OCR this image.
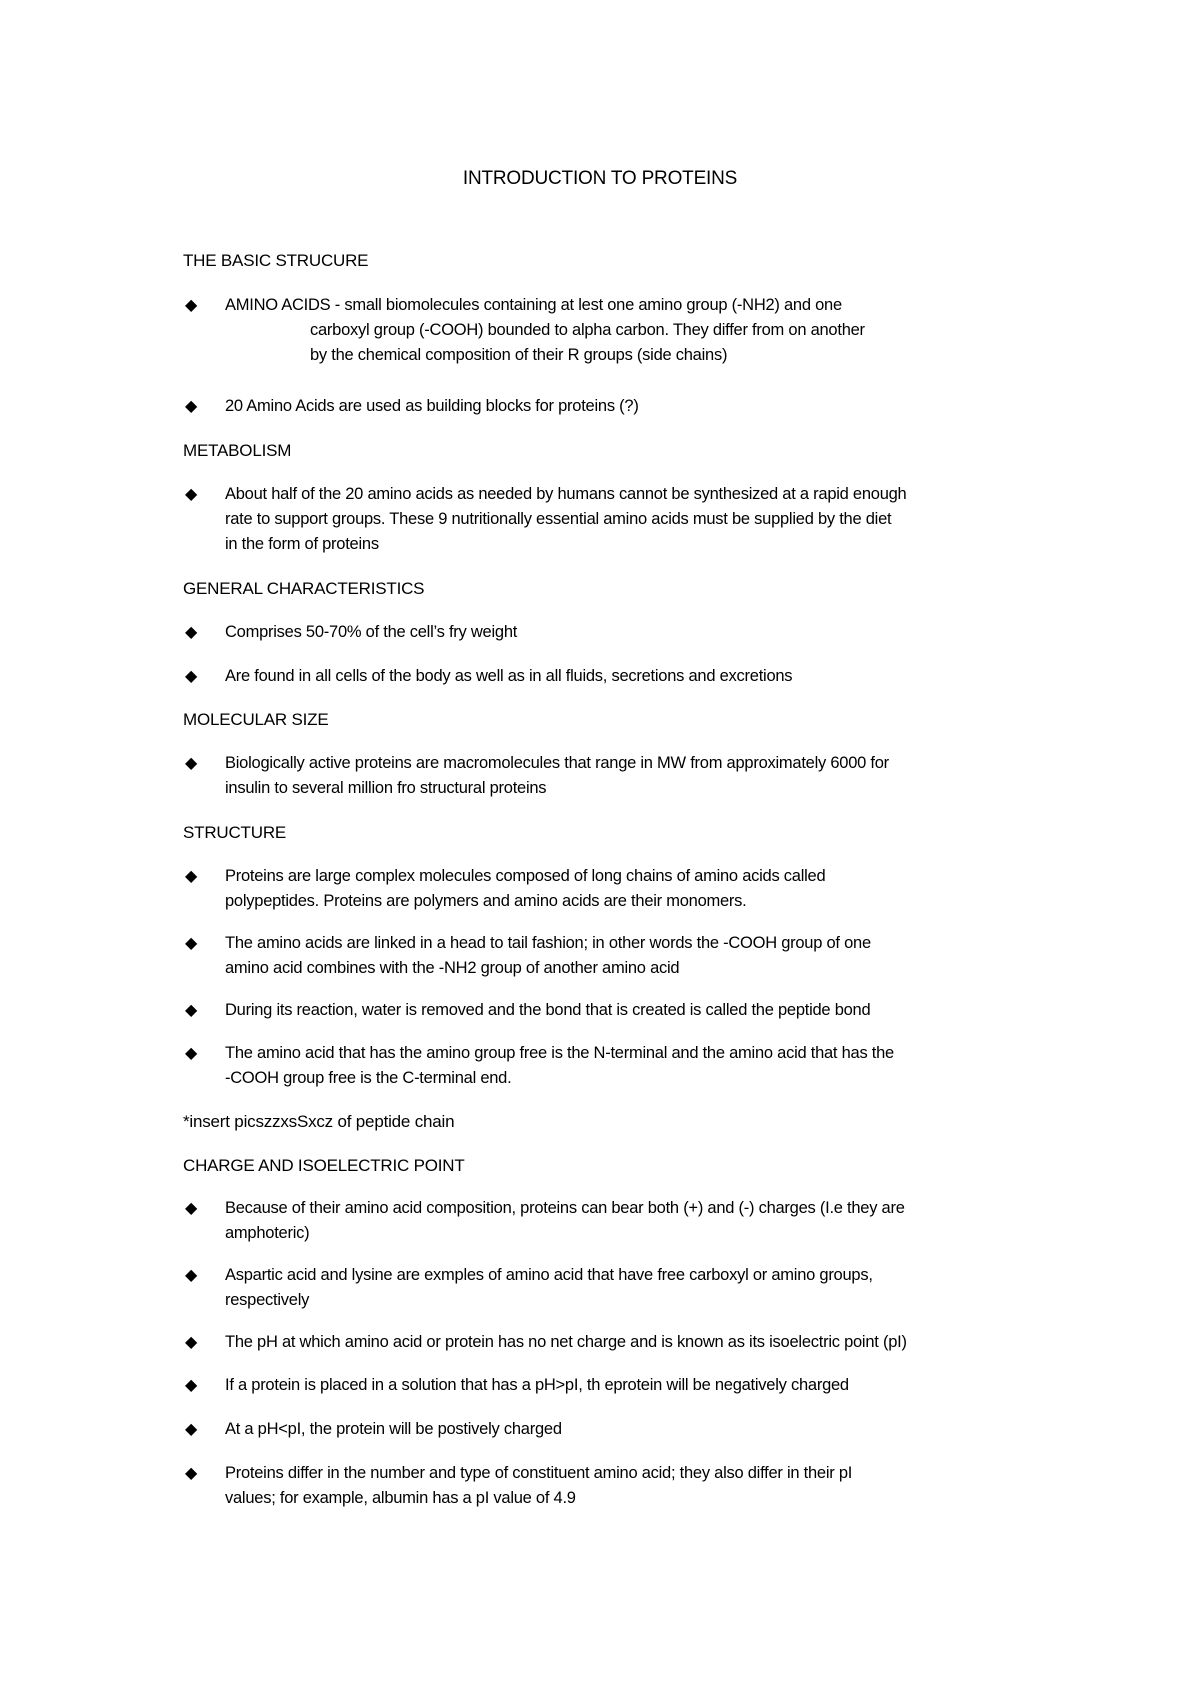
INTRODUCTION TO PROTEINS
THE BASIC STRUCURE
◆	AMINO ACIDS - small biomolecules containing at lest one amino group (-NH2) and one
carboxyl group (-COOH) bounded to alpha carbon. They differ from on another
by the chemical composition of their R groups (side chains)
◆	20 Amino Acids are used as building blocks for proteins (?)
METABOLISM
◆	About half of the 20 amino acids as needed by humans cannot be synthesized at a rapid enough
rate to support groups. These 9 nutritionally essential amino acids must be supplied by the diet
in the form of proteins
GENERAL CHARACTERISTICS
◆	Comprises 50-70% of the cell’s fry weight
◆	Are found in all cells of the body as well as in all fluids, secretions and excretions
MOLECULAR SIZE
◆	Biologically active proteins are macromolecules that range in MW from approximately 6000 for
insulin to several million fro structural proteins
STRUCTURE
◆	Proteins are large complex molecules composed of long chains of amino acids called
polypeptides. Proteins are polymers and amino acids are their monomers.
◆	The amino acids are linked in a head to tail fashion; in other words the -COOH group of one
amino acid combines with the -NH2 group of another amino acid
◆	During its reaction, water is removed and the bond that is created is called the peptide bond
◆	The amino acid that has the amino group free is the N-terminal and the amino acid that has the
-COOH group free is the C-terminal end.
*insert picszzxsSxcz of peptide chain
CHARGE AND ISOELECTRIC POINT
◆	Because of their amino acid composition, proteins can bear both (+) and (-) charges (I.e they are
amphoteric)
◆	Aspartic acid and lysine are exmples of amino acid that have free carboxyl or amino groups,
respectively
◆	The pH at which amino acid or protein has no net charge and is known as its isoelectric point (pI)
◆	If a protein is placed in a solution that has a pH>pI, th eprotein will be negatively charged
◆	At a pH<pI, the protein will be postively charged
◆	Proteins differ in the number and type of constituent amino acid; they also differ in their pI
values; for example, albumin has a pI value of 4.9
